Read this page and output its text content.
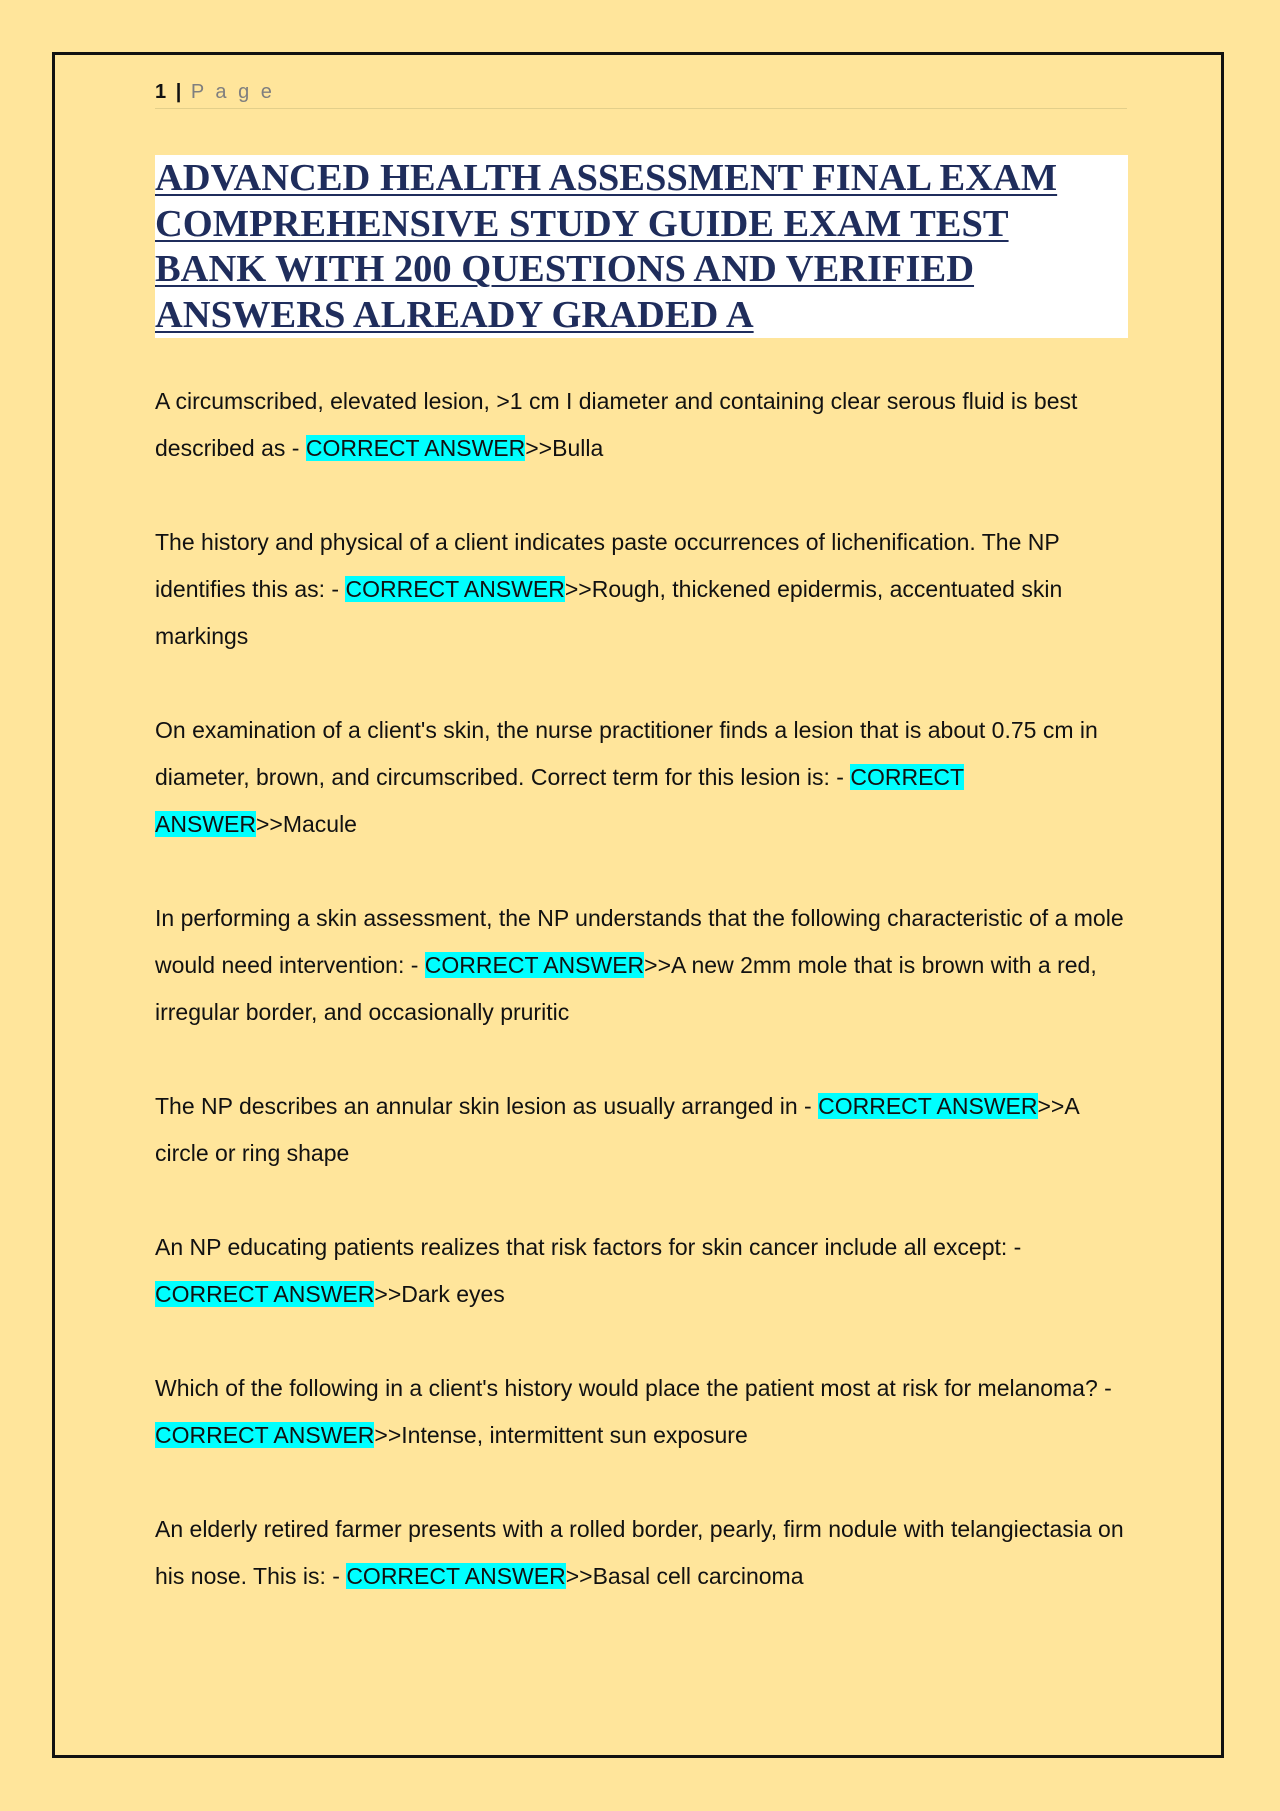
1 | P a g e
ADVANCED HEALTH ASSESSMENT FINAL EXAM COMPREHENSIVE STUDY GUIDE EXAM TEST BANK WITH 200 QUESTIONS AND VERIFIED ANSWERS ALREADY GRADED A

A circumscribed, elevated lesion, >1 cm I diameter and containing clear serous fluid is best described as - CORRECT ANSWER>>Bulla

The history and physical of a client indicates paste occurrences of lichenification. The NP identifies this as: - CORRECT ANSWER>>Rough, thickened epidermis, accentuated skin markings

On examination of a client's skin, the nurse practitioner finds a lesion that is about 0.75 cm in diameter, brown, and circumscribed. Correct term for this lesion is: - CORRECT ANSWER>>Macule

In performing a skin assessment, the NP understands that the following characteristic of a mole would need intervention: - CORRECT ANSWER>>A new 2mm mole that is brown with a red, irregular border, and occasionally pruritic

The NP describes an annular skin lesion as usually arranged in - CORRECT ANSWER>>A circle or ring shape

An NP educating patients realizes that risk factors for skin cancer include all except: - CORRECT ANSWER>>Dark eyes

Which of the following in a client's history would place the patient most at risk for melanoma? - CORRECT ANSWER>>Intense, intermittent sun exposure

An elderly retired farmer presents with a rolled border, pearly, firm nodule with telangiectasia on his nose. This is: - CORRECT ANSWER>>Basal cell carcinoma
